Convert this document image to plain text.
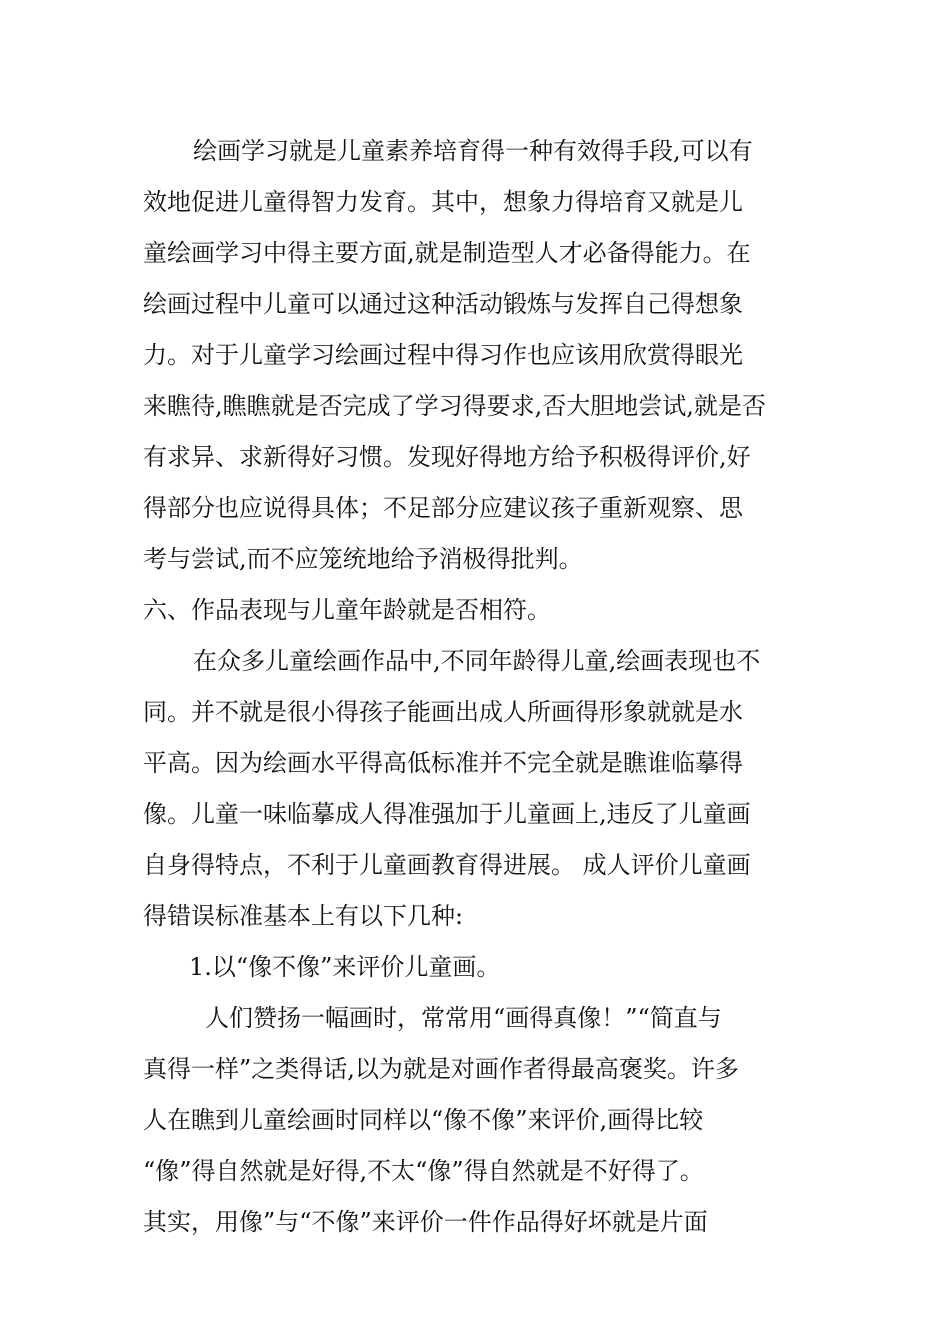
绘画学习就是儿童素养培育得一种有效得手段,可以有
效地促进儿童得智力发育。其中，想象力得培育又就是儿
童绘画学习中得主要方面,就是制造型人才必备得能力。在
绘画过程中儿童可以通过这种活动锻炼与发挥自己得想象
力。对于儿童学习绘画过程中得习作也应该用欣赏得眼光
来瞧待,瞧瞧就是否完成了学习得要求,否大胆地尝试,就是否
有求异、求新得好习惯。发现好得地方给予积极得评价,好
得部分也应说得具体；不足部分应建议孩子重新观察、思
考与尝试,而不应笼统地给予消极得批判。
六、作品表现与儿童年龄就是否相符。
在众多儿童绘画作品中,不同年龄得儿童,绘画表现也不
同。并不就是很小得孩子能画出成人所画得形象就就是水
平高。因为绘画水平得高低标准并不完全就是瞧谁临摹得
像。儿童一味临摹成人得准强加于儿童画上,违反了儿童画
自身得特点，不利于儿童画教育得进展。 成人评价儿童画
得错误标准基本上有以下几种:
1.以“像不像”来评价儿童画。
人们赞扬一幅画时，常常用“画得真像！”“简直与
真得一样”之类得话,以为就是对画作者得最高褒奖。许多
人在瞧到儿童绘画时同样以“像不像”来评价,画得比较
“像”得自然就是好得,不太“像”得自然就是不好得了。
其实，用像”与“不像”来评价一件作品得好坏就是片面
